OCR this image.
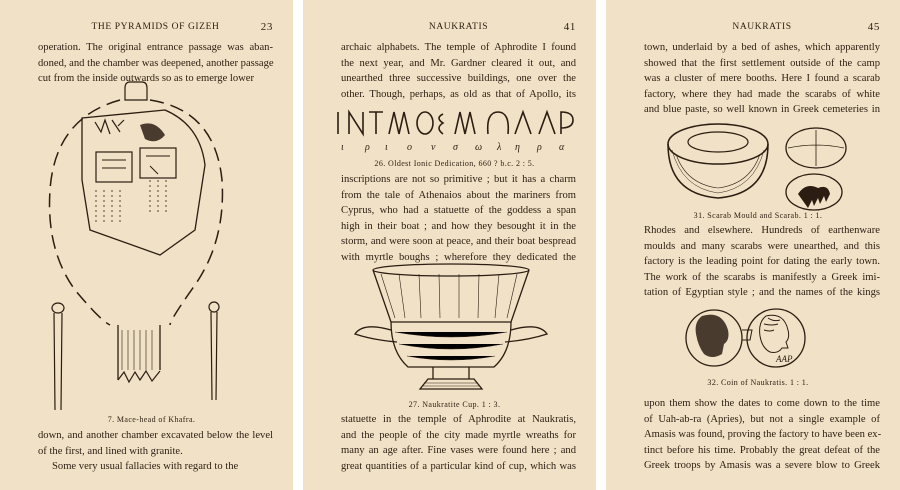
THE PYRAMIDS OF GIZEH	23
operation. The original entrance passage was aban-
doned, and the chamber was deepened, another passage
cut from the inside outwards so as to emerge lower
7. Mace-head of Khafra.
down, and another chamber excavated below the level
of the first, and lined with granite.
Some very usual fallacies with regard to the
NAUKRATIS	41
archaic alphabets. The temple of Aphrodite I found
the next year, and Mr. Gardner cleared it out, and
unearthed three successive buildings, one over the
other. Though, perhaps, as old as that of Apollo, its
ι ρ ι ο ν σ ω λ η ρ α
26. Oldest Ionic Dedication, 660 ? b.c. 2 : 5.
inscriptions are not so primitive ; but it has a charm
from the tale of Athenaios about the mariners from
Cyprus, who had a statuette of the goddess a span
high in their boat ; and how they besought it in the
storm, and were soon at peace, and their boat bespread
with myrtle boughs ; wherefore they dedicated the
27. Naukratite Cup. 1 : 3.
statuette in the temple of Aphrodite at Naukratis,
and the people of the city made myrtle wreaths for
many an age after. Fine vases were found here ; and
great quantities of a particular kind of cup, which was
NAUKRATIS	45
town, underlaid by a bed of ashes, which apparently
showed that the first settlement outside of the camp
was a cluster of mere booths. Here I found a scarab
factory, where they had made the scarabs of white
and blue paste, so well known in Greek cemeteries in
31. Scarab Mould and Scarab. 1 : 1.
Rhodes and elsewhere. Hundreds of earthenware
moulds and many scarabs were unearthed, and this
factory is the leading point for dating the early town.
The work of the scarabs is manifestly a Greek imi-
tation of Egyptian style ; and the names of the kings
ΑΑΡ
32. Coin of Naukratis. 1 : 1.
upon them show the dates to come down to the time
of Uah-ab-ra (Apries), but not a single example of
Amasis was found, proving the factory to have been ex-
tinct before his time. Probably the great defeat of the
Greek troops by Amasis was a severe blow to Greek
